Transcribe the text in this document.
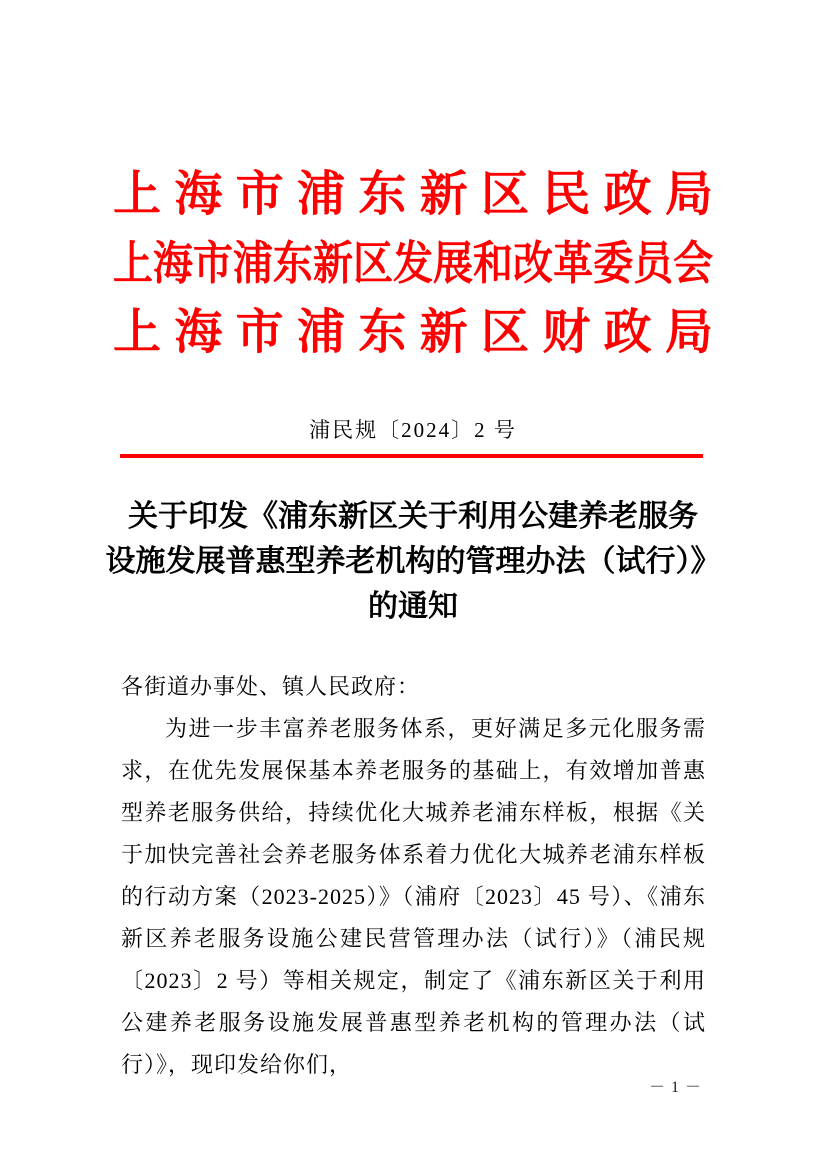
上海市浦东新区民政局
上海市浦东新区发展和改革委员会
上海市浦东新区财政局
浦民规〔2024〕2 号
关于印发《浦东新区关于利用公建养老服务
设施发展普惠型养老机构的管理办法（试行）》
的通知

各街道办事处、镇人民政府：

为进一步丰富养老服务体系，更好满足多元化服务需求，在优先发展保基本养老服务的基础上，有效增加普惠型养老服务供给，持续优化大城养老浦东样板，根据《关于加快完善社会养老服务体系着力优化大城养老浦东样板的行动方案（2023-2025）》（浦府〔2023〕45 号）、《浦东新区养老服务设施公建民营管理办法（试行）》（浦民规〔2023〕2 号）等相关规定，制定了《浦东新区关于利用公建养老服务设施发展普惠型养老机构的管理办法（试行）》，现印发给你们，

－ 1 －
